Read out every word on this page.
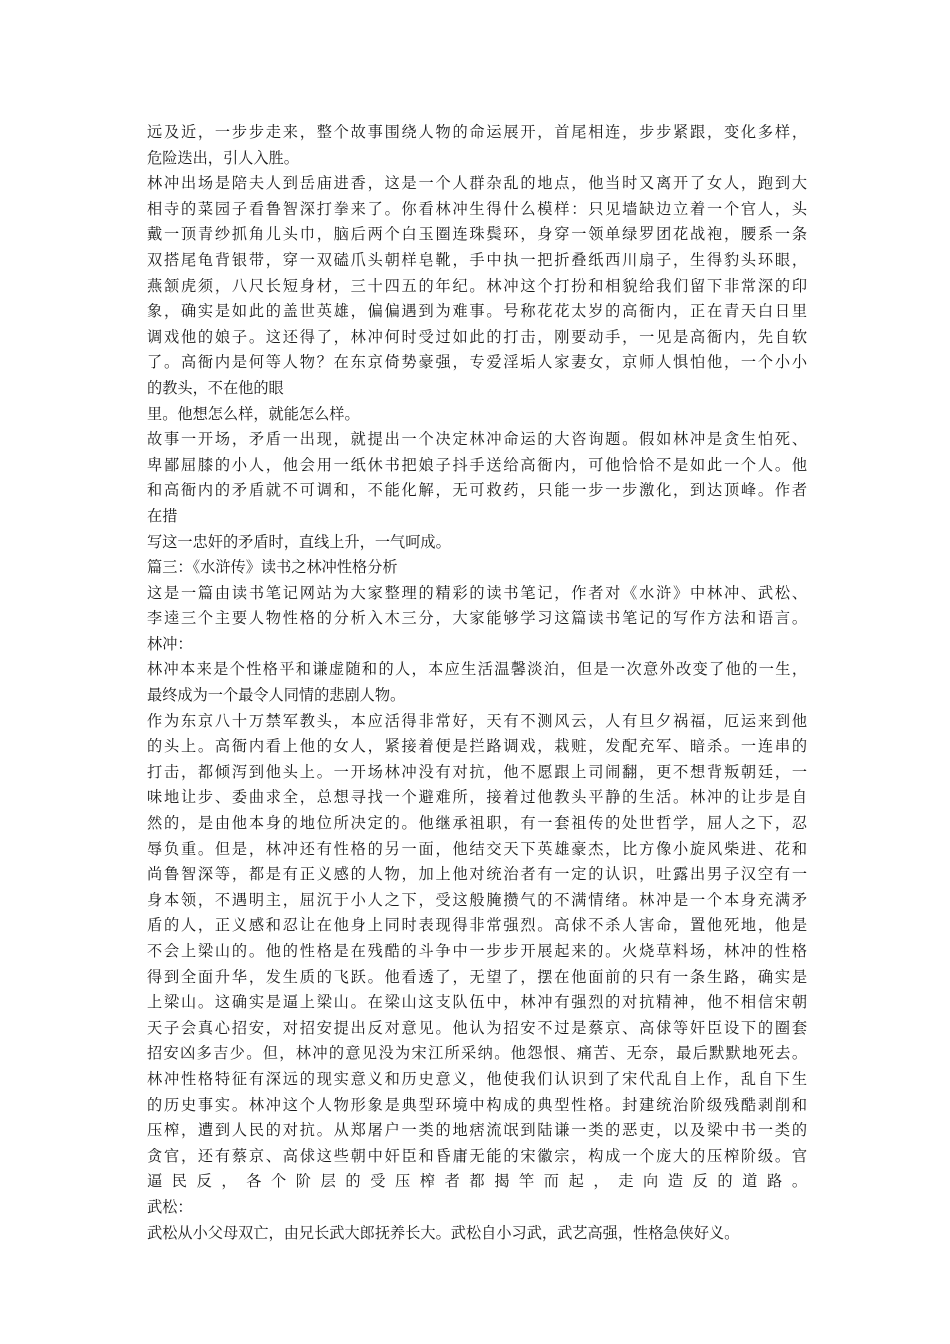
远及近，一步步走来，整个故事围绕人物的命运展开，首尾相连，步步紧跟，变化多样，
危险迭出，引人入胜。
林冲出场是陪夫人到岳庙进香，这是一个人群杂乱的地点，他当时又离开了女人，跑到大
相寺的菜园子看鲁智深打拳来了。你看林冲生得什么模样：只见墙缺边立着一个官人，头
戴一顶青纱抓角儿头巾，脑后两个白玉圈连珠鬓环，身穿一领单绿罗团花战袍，腰系一条
双搭尾龟背银带，穿一双磕爪头朝样皂靴，手中执一把折叠纸西川扇子，生得豹头环眼，
燕颔虎须，八尺长短身材，三十四五的年纪。林冲这个打扮和相貌给我们留下非常深的印
象，确实是如此的盖世英雄，偏偏遇到为难事。号称花花太岁的高衙内，正在青天白日里
调戏他的娘子。这还得了，林冲何时受过如此的打击，刚要动手，一见是高衙内，先自软
了。高衙内是何等人物？在东京倚势豪强，专爱淫垢人家妻女，京师人惧怕他，一个小小
的教头，不在他的眼
里。他想怎么样，就能怎么样。
故事一开场，矛盾一出现，就提出一个决定林冲命运的大咨询题。假如林冲是贪生怕死、
卑鄙屈膝的小人，他会用一纸休书把娘子抖手送给高衙内，可他恰恰不是如此一个人。他
和高衙内的矛盾就不可调和，不能化解，无可救药，只能一步一步激化，到达顶峰。作者
在措
写这一忠奸的矛盾时，直线上升，一气呵成。
篇三：《水浒传》读书之林冲性格分析
这是一篇由读书笔记网站为大家整理的精彩的读书笔记，作者对《水浒》中林冲、武松、
李逵三个主要人物性格的分析入木三分，大家能够学习这篇读书笔记的写作方法和语言。
林冲：
林冲本来是个性格平和谦虚随和的人，本应生活温馨淡泊，但是一次意外改变了他的一生，
最终成为一个最令人同情的悲剧人物。
作为东京八十万禁军教头，本应活得非常好，天有不测风云，人有旦夕祸福，厄运来到他
的头上。高衙内看上他的女人，紧接着便是拦路调戏，栽赃，发配充军、暗杀。一连串的
打击，都倾泻到他头上。一开场林冲没有对抗，他不愿跟上司闹翻，更不想背叛朝廷，一
味地让步、委曲求全，总想寻找一个避难所，接着过他教头平静的生活。林冲的让步是自
然的，是由他本身的地位所决定的。他继承祖职，有一套祖传的处世哲学，屈人之下，忍
辱负重。但是，林冲还有性格的另一面，他结交天下英雄豪杰，比方像小旋风柴进、花和
尚鲁智深等，都是有正义感的人物，加上他对统治者有一定的认识，吐露出男子汉空有一
身本领，不遇明主，屈沉于小人之下，受这般腌攒气的不满情绪。林冲是一个本身充满矛
盾的人，正义感和忍让在他身上同时表现得非常强烈。高俅不杀人害命，置他死地，他是
不会上梁山的。他的性格是在残酷的斗争中一步步开展起来的。火烧草料场，林冲的性格
得到全面升华，发生质的飞跃。他看透了，无望了，摆在他面前的只有一条生路，确实是
上梁山。这确实是逼上梁山。在梁山这支队伍中，林冲有强烈的对抗精神，他不相信宋朝
天子会真心招安，对招安提出反对意见。他认为招安不过是蔡京、高俅等奸臣设下的圈套
招安凶多吉少。但，林冲的意见没为宋江所采纳。他怨恨、痛苦、无奈，最后默默地死去。
林冲性格特征有深远的现实意义和历史意义，他使我们认识到了宋代乱自上作，乱自下生
的历史事实。林冲这个人物形象是典型环境中构成的典型性格。封建统治阶级残酷剥削和
压榨，遭到人民的对抗。从郑屠户一类的地痞流氓到陆谦一类的恶吏，以及梁中书一类的
贪官，还有蔡京、高俅这些朝中奸臣和昏庸无能的宋徽宗，构成一个庞大的压榨阶级。官
逼民反，各个阶层的受压榨者都揭竿而起，走向造反的道路。
武松：
武松从小父母双亡，由兄长武大郎抚养长大。武松自小习武，武艺高强，性格急侠好义。
